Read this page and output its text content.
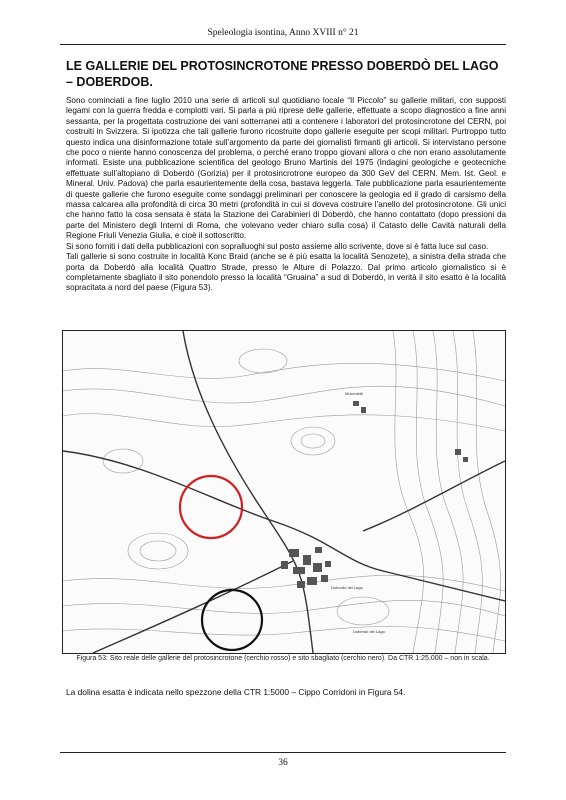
Speleologia isontina, Anno XVIII n° 21
LE GALLERIE DEL PROTOSINCROTONE PRESSO DOBERDÒ DEL LAGO – DOBERDOB.

Sono cominciati a fine luglio 2010 una serie di articoli sul quotidiano locale “Il Piccolo” su gallerie militari, con supposti legami con la guerra fredda e complotti vari. Si parla a più riprese delle gallerie, effettuate a scopo diagnostico a fine anni sessanta, per la progettata costruzione dei vani sotterranei atti a contenere i laboratori del protosincrotone del CERN, poi costruiti in Svizzera. Si ipotizza che tali gallerie furono ricostruite dopo gallerie eseguite per scopi militari. Purtroppo tutto questo indica una disinformazione totale sull’argomento da parte dei giornalisti firmanti gli articoli. Si intervistano persone che poco o niente hanno conoscenza del problema, o perché erano troppo giovani allora o che non erano assolutamente informati. Esiste una pubblicazione scientifica del geologo Bruno Martinis del 1975 (Indagini geologiche e geotecniche effettuate sull’altopiano di Doberdò (Gorizia) per il protosincrotrone europeo da 300 GeV del CERN. Mem. Ist. Geol. e Mineral. Univ. Padova) che parla esaurientemente della cosa, bastava leggerla. Tale pubblicazione parla esaurientemente di queste gallerie che furono eseguite come sondaggi preliminari per conoscere la geologia ed il grado di carsismo della massa calcarea alla profondità di circa 30 metri (profondità in cui si doveva costruire l’anello del protosincrotone. Gli unici che hanno fatto la cosa sensata è stata la Stazione dei Carabinieri di Doberdò, che hanno contattato (dopo pressioni da parte del Ministero degli Interni di Roma, che volevano veder chiaro sulla cosa) il Catasto delle Cavità naturali della Regione Friuli Venezia Giulia, e cioè il sottoscritto.

Si sono forniti i dati della pubblicazioni con sopralluoghi sul posto assieme allo scrivente, dove si è fatta luce sul caso.

Tali gallerie si sono costruite in località Konc Braid (anche se è più esatta la località Senozete), a sinistra della strada che porta da Doberdò alla località Quattro Strade, presso le Alture di Polazzo. Dal primo articolo giornalistico si è completamente sbagliato il sito ponendolo presso la località “Gruaina” a sud di Doberdò, in verità il sito esatto è la località sopracitata a nord del paese (Figura 53).

Dobordò del Lago
Doberdò del Lago
Mucchietti
Figura 53: Sito reale delle gallerie del protosincrotone (cerchio rosso) e sito sbagliato (cerchio nero). Da CTR 1:25.000 – non in scala.
La dolina esatta è indicata nello spezzone della CTR 1:5000 – Cippo Corridoni in Figura 54.
36
